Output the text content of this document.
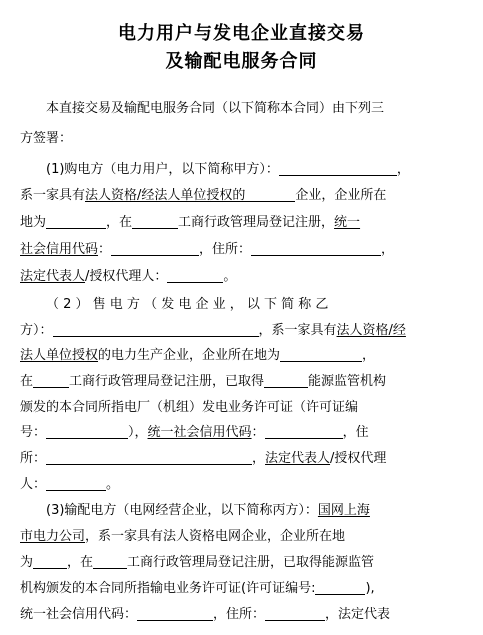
电力用户与发电企业直接交易
及输配电服务合同
本直接交易及输配电服务合同（以下简称本合同）由下列三
方签署：
(1)购电方（电力用户，以下简称甲方）：	，
系一家具有法人资格/经法人单位授权的	企业，企业所在
地为	，在	工商行政管理局登记注册，统一
社会信用代码：	，住所：	，
法定代表人/授权代理人：	。
（ 2 ） 售 电 方 （ 发 电 企 业 ， 以 下 简 称 乙
方）：	，系一家具有法人资格/经
法人单位授权的电力生产企业，企业所在地为	，
在	工商行政管理局登记注册，已取得	能源监管机构
颁发的本合同所指电厂（机组）发电业务许可证（许可证编
号：	），统一社会信用代码：	，住
所：	，法定代表人/授权代理
人：	。
(3)输配电方（电网经营企业，以下简称丙方）：国网上海
市电力公司，系一家具有法人资格电网企业，企业所在地
为	，在	工商行政管理局登记注册，已取得能源监管
机构颁发的本合同所指输电业务许可证(许可证编号:	),
统一社会信用代码：	，住所：	，法定代表
